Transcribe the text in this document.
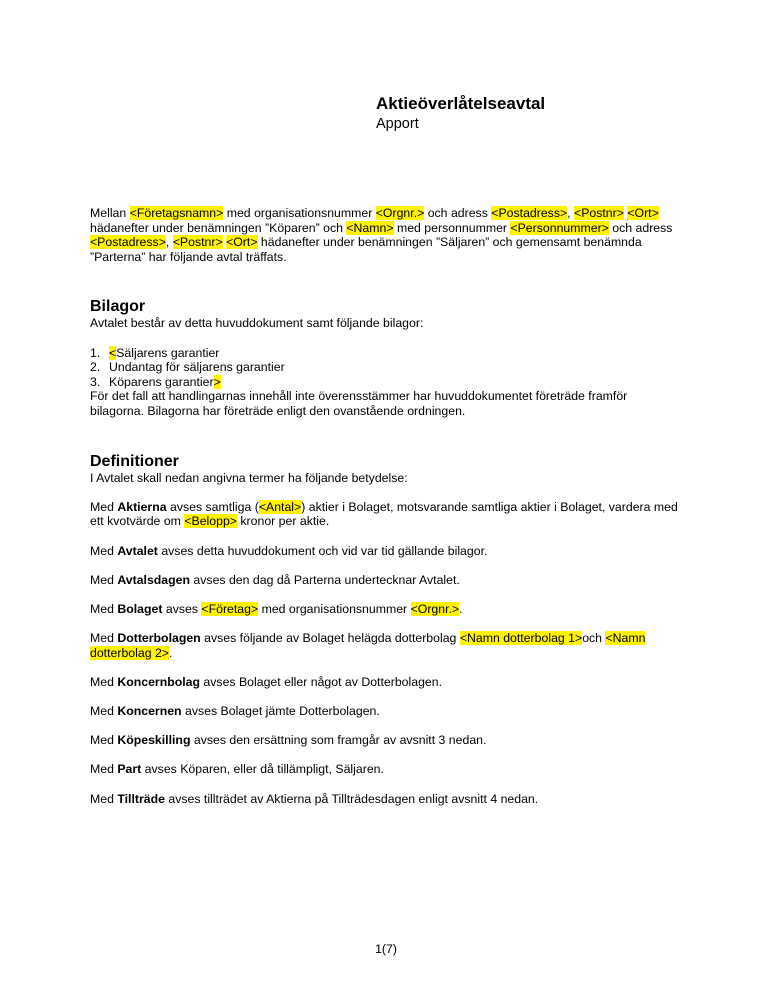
Aktieöverlåtelseavtal

Apport

Mellan <Företagsnamn> med organisationsnummer <Orgnr.> och adress <Postadress>, <Postnr> <Ort> hädanefter under benämningen ”Köparen” och <Namn> med personnummer <Personnummer> och adress <Postadress>, <Postnr> <Ort> hädanefter under benämningen ”Säljaren” och gemensamt benämnda ”Parterna” har följande avtal träffats.

Bilagor

Avtalet består av detta huvuddokument samt följande bilagor:

1. <Säljarens garantier
2. Undantag för säljarens garantier
3. Köparens garantier>

För det fall att handlingarnas innehåll inte överensstämmer har huvuddokumentet företräde framför bilagorna. Bilagorna har företräde enligt den ovanstående ordningen.

Definitioner

I Avtalet skall nedan angivna termer ha följande betydelse:

Med Aktierna avses samtliga (<Antal>) aktier i Bolaget, motsvarande samtliga aktier i Bolaget, vardera med ett kvotvärde om <Belopp> kronor per aktie.

Med Avtalet avses detta huvuddokument och vid var tid gällande bilagor.

Med Avtalsdagen avses den dag då Parterna undertecknar Avtalet.

Med Bolaget avses <Företag> med organisationsnummer <Orgnr.>.

Med Dotterbolagen avses följande av Bolaget helägda dotterbolag <Namn dotterbolag 1>och <Namn dotterbolag 2>.

Med Koncernbolag avses Bolaget eller något av Dotterbolagen.

Med Koncernen avses Bolaget jämte Dotterbolagen.

Med Köpeskilling avses den ersättning som framgår av avsnitt 3 nedan.

Med Part avses Köparen, eller då tillämpligt, Säljaren.

Med Tillträde avses tillträdet av Aktierna på Tillträdesdagen enligt avsnitt 4 nedan.

1(7)
